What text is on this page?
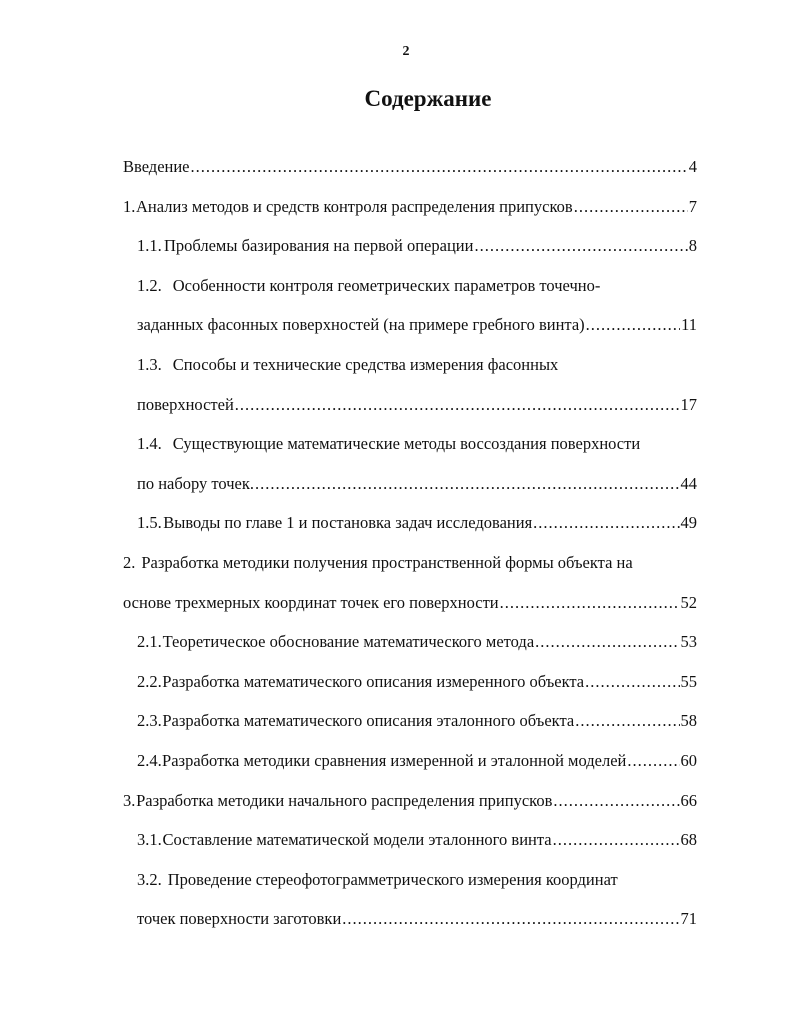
2
Содержание
Введение .....	4
1. Анализ методов и средств контроля распределения припусков .....	7
1.1. Проблемы базирования на первой операции .....	8
1.2. Особенности контроля геометрических параметров точечно-
заданных фасонных поверхностей (на примере гребного винта) .....	11
1.3. Способы и технические средства измерения фасонных
поверхностей .....	17
1.4. Существующие математические методы воссоздания поверхности
по набору точек. .....	44
1.5. Выводы по главе 1 и постановка задач исследования .....	49
2. Разработка методики получения пространственной формы объекта на
основе трехмерных координат точек его поверхности .....	52
2.1. Теоретическое обоснование математического метода .....	53
2.2. Разработка математического описания измеренного объекта .....	55
2.3. Разработка математического описания эталонного объекта .....	58
2.4. Разработка методики сравнения измеренной и эталонной моделей .....	60
3. Разработка методики начального распределения припусков .....	66
3.1. Составление математической модели эталонного винта .....	68
3.2. Проведение стереофотограмметрического измерения координат
точек поверхности заготовки .....	71
